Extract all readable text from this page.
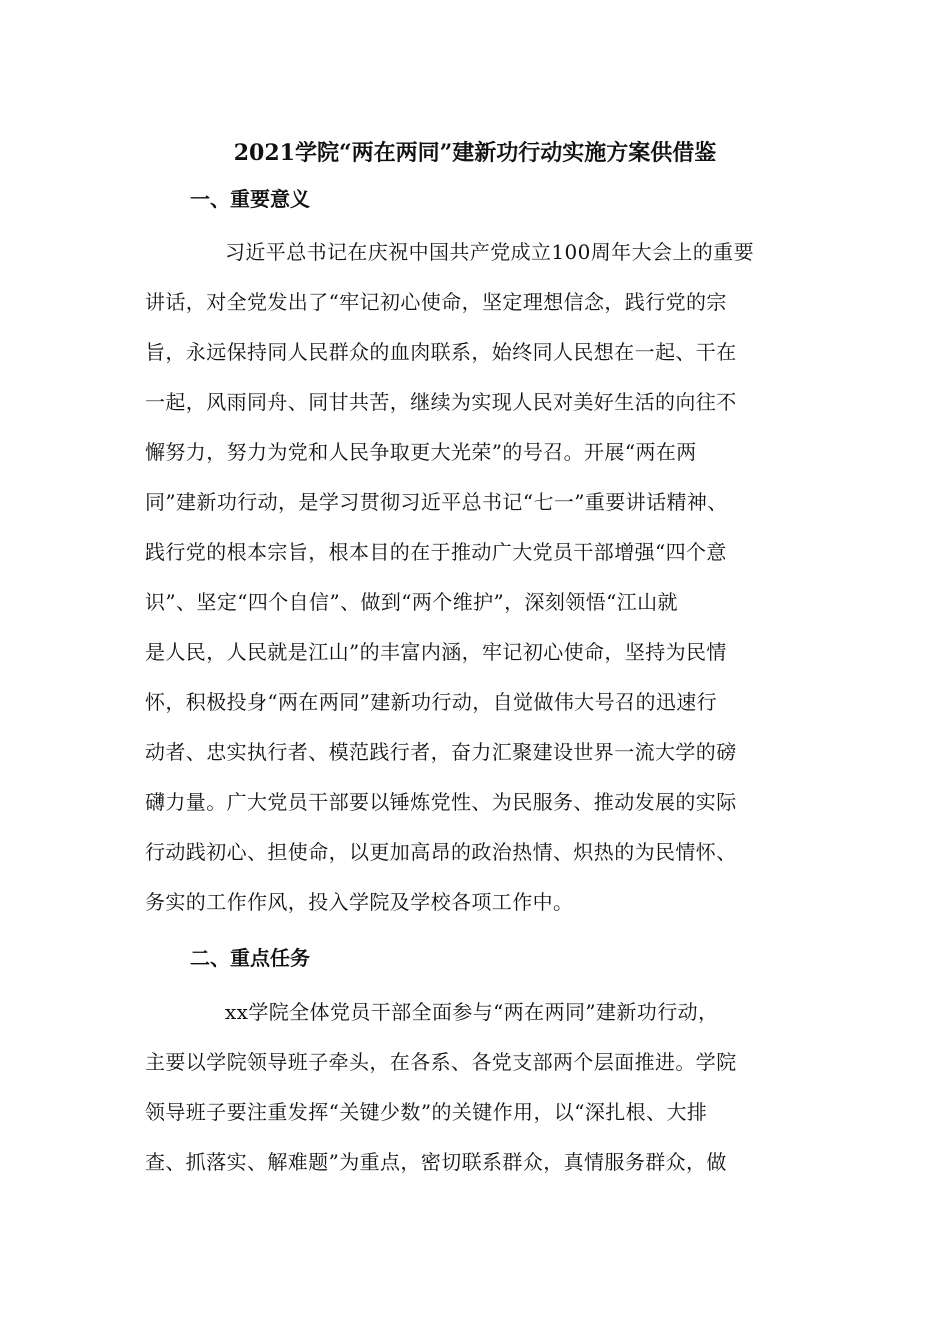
2021学院“两在两同”建新功行动实施方案供借鉴
一、重要意义
习近平总书记在庆祝中国共产党成立100周年大会上的重要
讲话，对全党发出了“牢记初心使命，坚定理想信念，践行党的宗
旨，永远保持同人民群众的血肉联系，始终同人民想在一起、干在
一起，风雨同舟、同甘共苦，继续为实现人民对美好生活的向往不
懈努力，努力为党和人民争取更大光荣”的号召。开展“两在两
同”建新功行动，是学习贯彻习近平总书记“七一”重要讲话精神、
践行党的根本宗旨，根本目的在于推动广大党员干部增强“四个意
识”、坚定“四个自信”、做到“两个维护”，深刻领悟“江山就
是人民，人民就是江山”的丰富内涵，牢记初心使命，坚持为民情
怀，积极投身“两在两同”建新功行动，自觉做伟大号召的迅速行
动者、忠实执行者、模范践行者，奋力汇聚建设世界一流大学的磅
礴力量。广大党员干部要以锤炼党性、为民服务、推动发展的实际
行动践初心、担使命，以更加高昂的政治热情、炽热的为民情怀、
务实的工作作风，投入学院及学校各项工作中。
二、重点任务
xx学院全体党员干部全面参与“两在两同”建新功行动，
主要以学院领导班子牵头，在各系、各党支部两个层面推进。学院
领导班子要注重发挥“关键少数”的关键作用，以“深扎根、大排
查、抓落实、解难题”为重点，密切联系群众，真情服务群众，做
